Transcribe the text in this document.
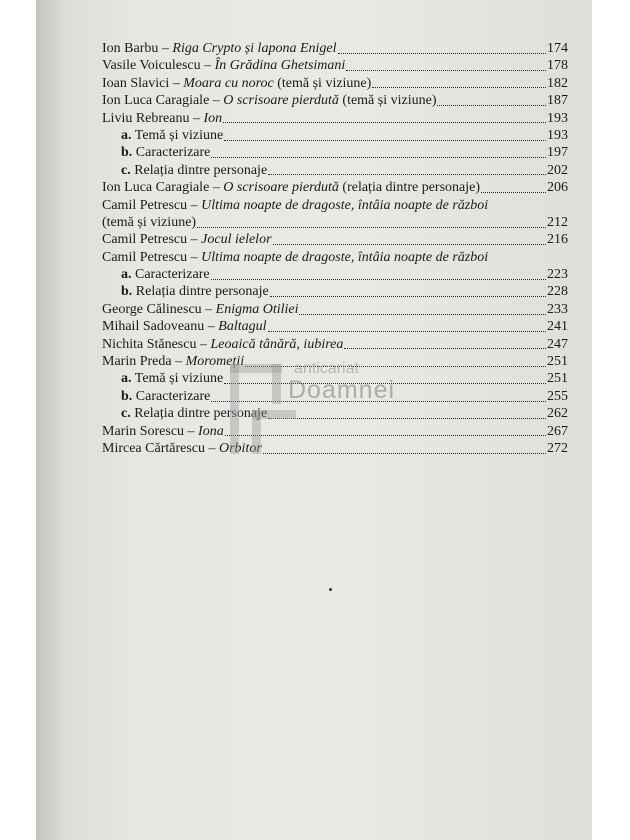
Ion Barbu – Riga Crypto și lapona Enigel	174
Vasile Voiculescu – În Grădina Ghetsimani	178
Ioan Slavici – Moara cu noroc (temă și viziune)	182
Ion Luca Caragiale – O scrisoare pierdută (temă și viziune)	187
Liviu Rebreanu – Ion	193
a. Temă și viziune	193
b. Caracterizare	197
c. Relația dintre personaje	202
Ion Luca Caragiale – O scrisoare pierdută (relația dintre personaje)	206
Camil Petrescu – Ultima noapte de dragoste, întâia noapte de război
(temă și viziune)	212
Camil Petrescu – Jocul ielelor	216
Camil Petrescu – Ultima noapte de dragoste, întâia noapte de război
a. Caracterizare	223
b. Relația dintre personaje	228
George Călinescu – Enigma Otiliei	233
Mihail Sadoveanu – Baltagul	241
Nichita Stănescu – Leoaică tânără, iubirea	247
Marin Preda – Moromeții	251
a. Temă și viziune	251
b. Caracterizare	255
c. Relația dintre personaje	262
Marin Sorescu – Iona	267
Mircea Cărtărescu – Orbitor	272
anticariat
Doamnei
